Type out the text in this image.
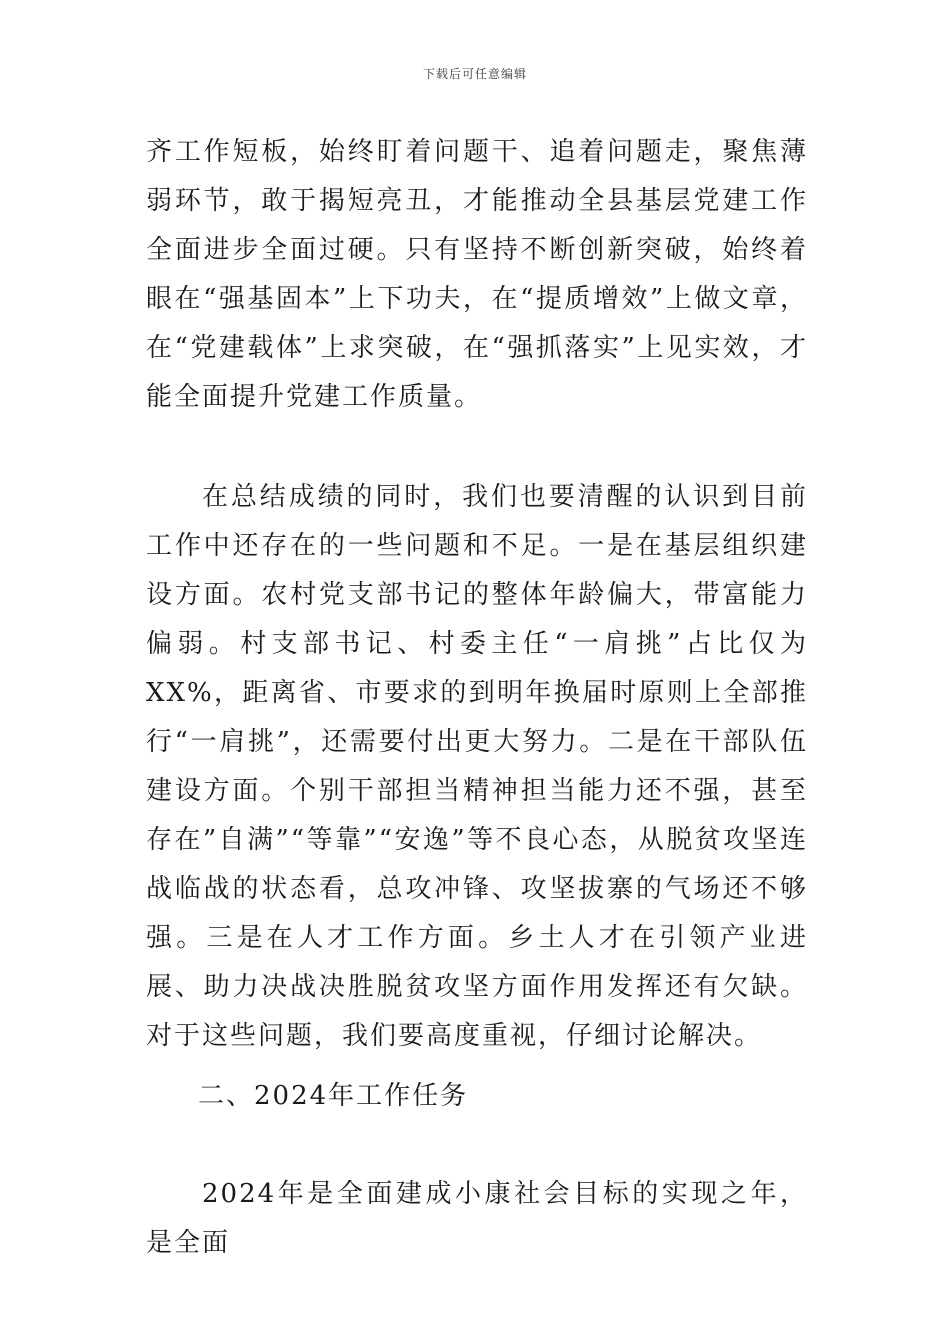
下载后可任意编辑

齐工作短板，始终盯着问题干、追着问题走，聚焦薄弱环节，敢于揭短亮丑，才能推动全县基层党建工作全面进步全面过硬。只有坚持不断创新突破，始终着眼在“强基固本”上下功夫，在“提质增效”上做文章，在“党建载体”上求突破，在“强抓落实”上见实效，才能全面提升党建工作质量。

在总结成绩的同时，我们也要清醒的认识到目前工作中还存在的一些问题和不足。一是在基层组织建设方面。农村党支部书记的整体年龄偏大，带富能力偏弱。村支部书记、村委主任“一肩挑”占比仅为XX%，距离省、市要求的到明年换届时原则上全部推行“一肩挑”，还需要付出更大努力。二是在干部队伍建设方面。个别干部担当精神担当能力还不强，甚至存在”自满”“等靠”“安逸”等不良心态，从脱贫攻坚连战临战的状态看，总攻冲锋、攻坚拔寨的气场还不够强。三是在人才工作方面。乡土人才在引领产业进展、助力决战决胜脱贫攻坚方面作用发挥还有欠缺。对于这些问题，我们要高度重视，仔细讨论解决。

二、2024年工作任务

2024年是全面建成小康社会目标的实现之年，是全面
